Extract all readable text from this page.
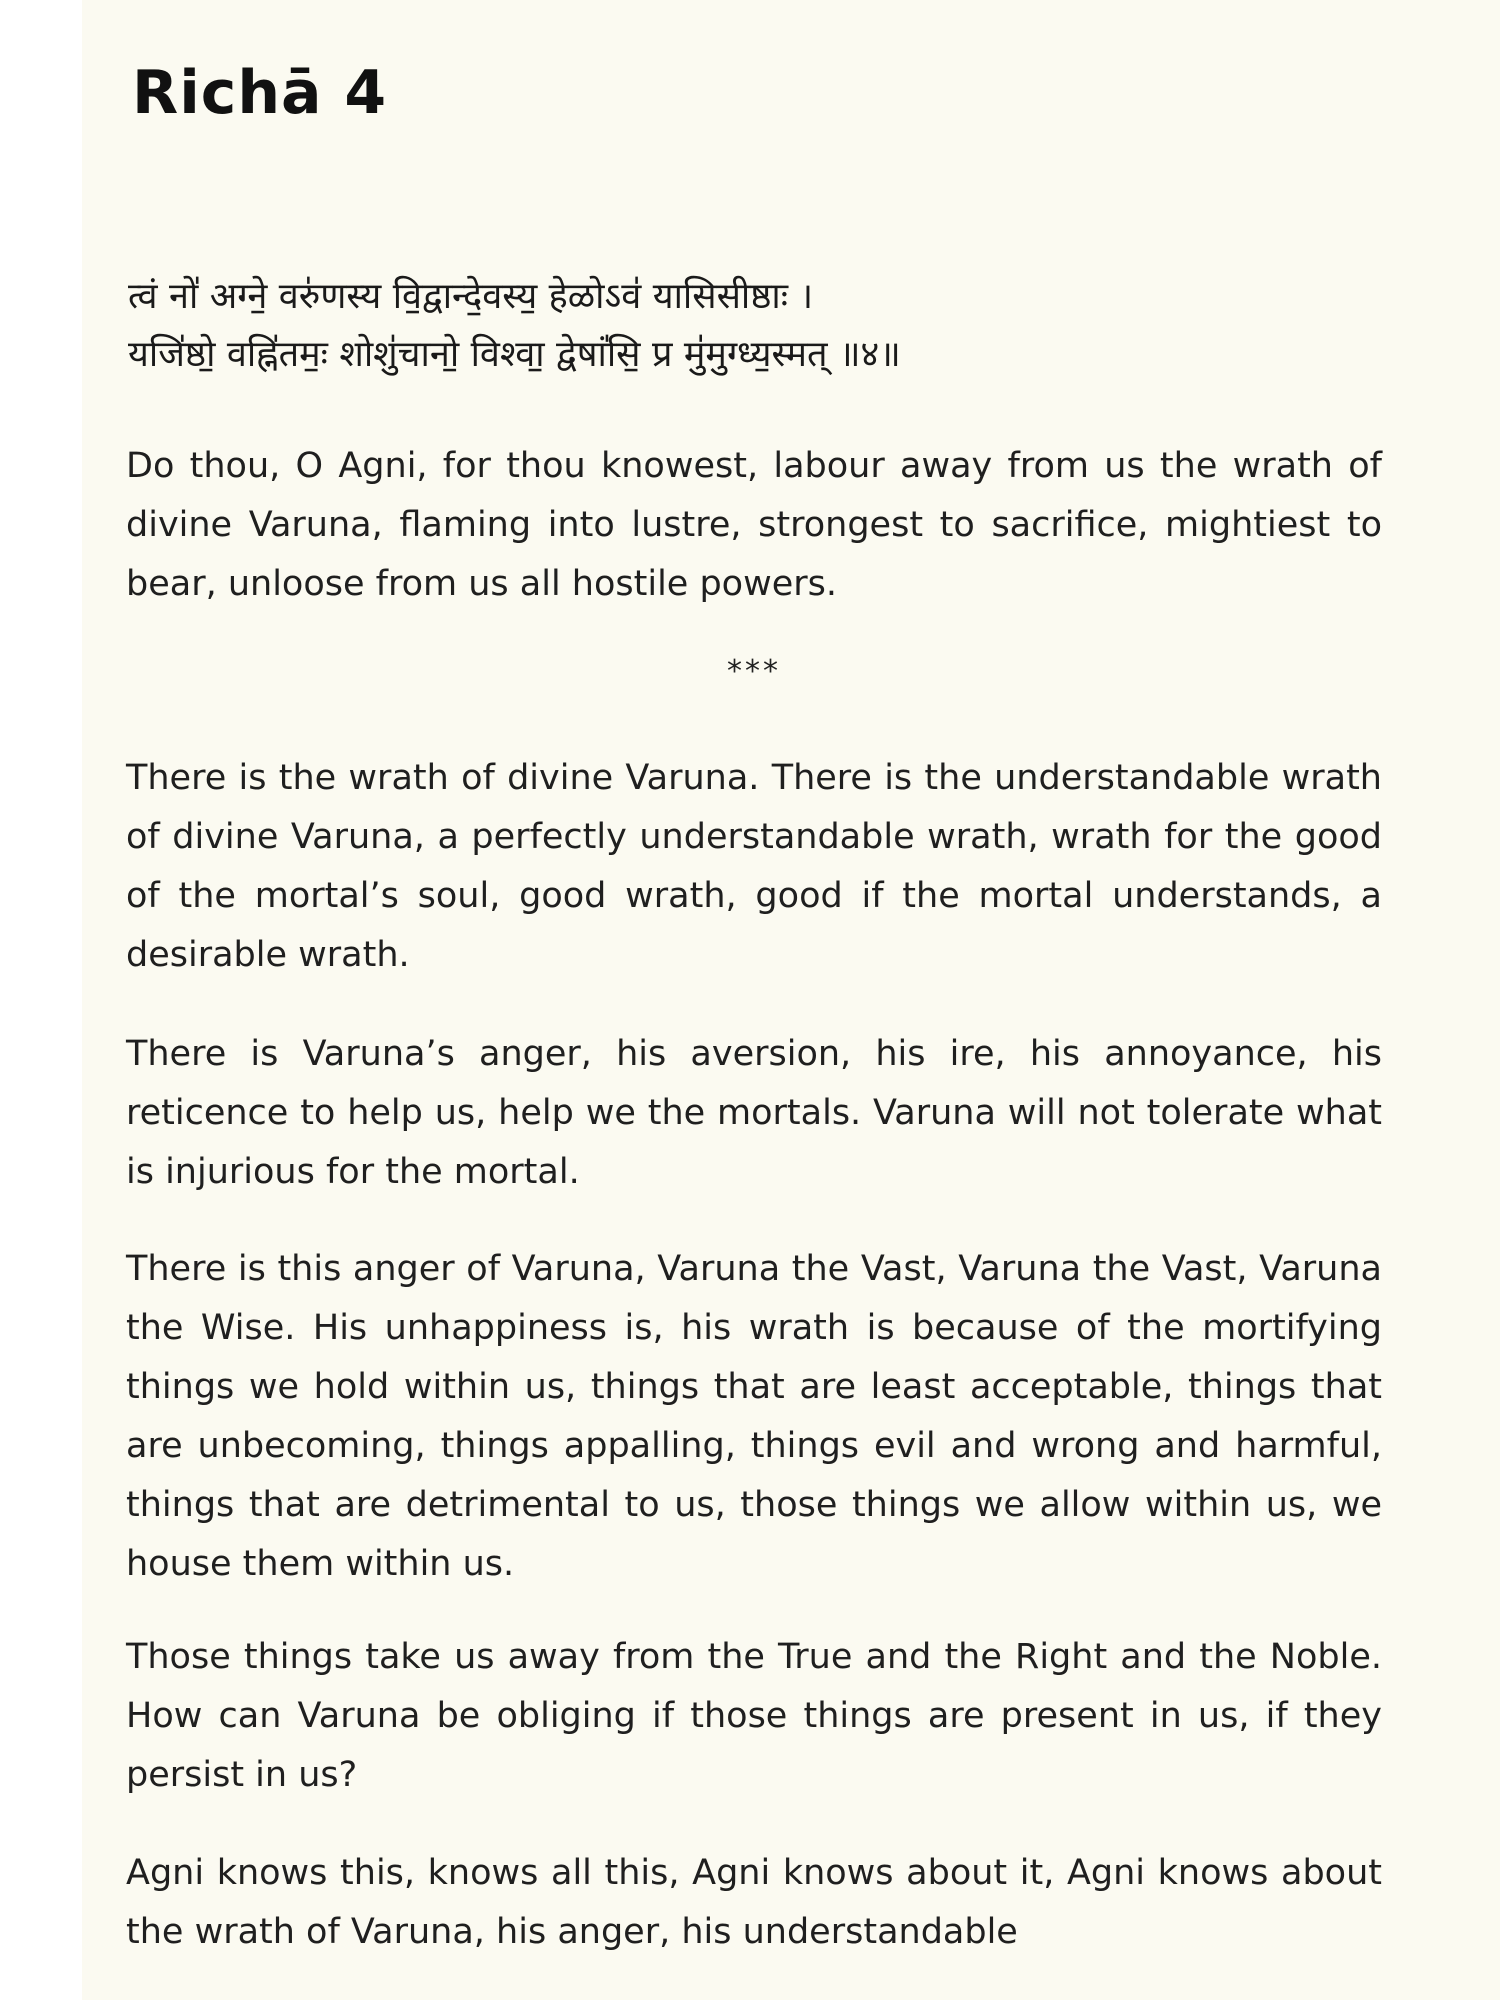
Richā 4
त्वं नो॑ अग्ने॒ वरु॑णस्य वि॒द्वान्दे॒वस्य॒ हेळोऽव॑ यासिसीष्ठाः ।
यजि॑ष्ठो॒ वह्नि॑तमः॒ शोशु॑चानो॒ विश्वा॒ द्वेषां॑सि॒ प्र मु॑मुग्ध्य॒स्मत् ॥४॥

Do thou, O Agni, for thou knowest, labour away from us the wrath of divine Varuna, flaming into lustre, strongest to sacrifice, mightiest to bear, unloose from us all hostile powers.

***

There is the wrath of divine Varuna. There is the understandable wrath of divine Varuna, a perfectly understandable wrath, wrath for the good of the mortal’s soul, good wrath, good if the mortal understands, a desirable wrath.

There is Varuna’s anger, his aversion, his ire, his annoyance, his reticence to help us, help we the mortals. Varuna will not tolerate what is injurious for the mortal.

There is this anger of Varuna, Varuna the Vast, Varuna the Vast, Varuna the Wise. His unhappiness is, his wrath is because of the mortifying things we hold within us, things that are least acceptable, things that are unbecoming, things appalling, things evil and wrong and harmful, things that are detrimental to us, those things we allow within us, we house them within us.

Those things take us away from the True and the Right and the Noble. How can Varuna be obliging if those things are present in us, if they persist in us?

Agni knows this, knows all this, Agni knows about it, Agni knows about the wrath of Varuna, his anger, his understandable
